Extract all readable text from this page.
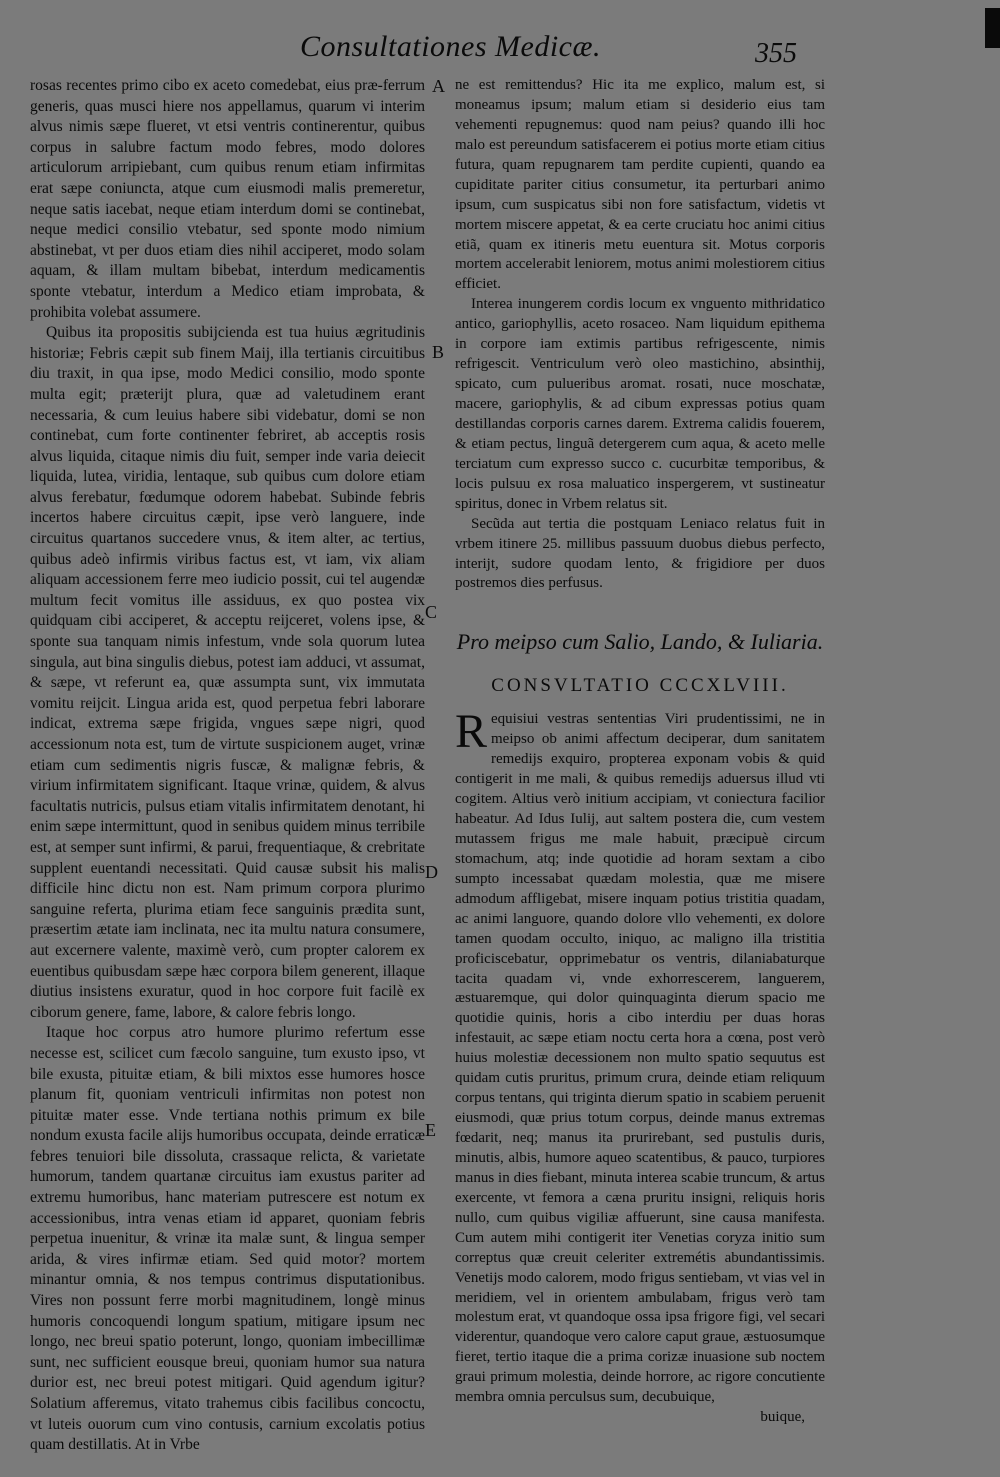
Consultationes Medicæ.	355
A
B
C
D
E

rosas recentes primo cibo ex aceto comedebat, eius præ-ferrum generis, quas musci hiere nos appellamus, quarum vi interim alvus nimis sæpe flueret, vt etsi ventris continerentur, quibus corpus in salubre factum modo febres, modo dolores articulorum arripiebant, cum quibus renum etiam infirmitas erat sæpe coniuncta, atque cum eiusmodi malis premeretur, neque satis iacebat, neque etiam interdum domi se continebat, neque medici consilio vtebatur, sed sponte modo nimium abstinebat, vt per duos etiam dies nihil acciperet, modo solam aquam, & illam multam bibebat, interdum medicamentis sponte vtebatur, interdum a Medico etiam improbata, & prohibita volebat assumere.

Quibus ita propositis subijcienda est tua huius ægritudinis historiæ; Febris cæpit sub finem Maij, illa tertianis circuitibus diu traxit, in qua ipse, modo Medici consilio, modo sponte multa egit; præterijt plura, quæ ad valetudinem erant necessaria, & cum leuius habere sibi videbatur, domi se non continebat, cum forte continenter febriret, ab acceptis rosis alvus liquida, citaque nimis diu fuit, semper inde varia deiecit liquida, lutea, viridia, lentaque, sub quibus cum dolore etiam alvus ferebatur, fœdumque odorem habebat. Subinde febris incertos habere circuitus cæpit, ipse verò languere, inde circuitus quartanos succedere vnus, & item alter, ac tertius, quibus adeò infirmis viribus factus est, vt iam, vix aliam aliquam accessionem ferre meo iudicio possit, cui tel augendæ multum fecit vomitus ille assiduus, ex quo postea vix quidquam cibi acciperet, & acceptu reijceret, volens ipse, & sponte sua tanquam nimis infestum, vnde sola quorum lutea singula, aut bina singulis diebus, potest iam adduci, vt assumat, & sæpe, vt referunt ea, quæ assumpta sunt, vix immutata vomitu reijcit. Lingua arida est, quod perpetua febri laborare indicat, extrema sæpe frigida, vngues sæpe nigri, quod accessionum nota est, tum de virtute suspicionem auget, vrinæ etiam cum sedimentis nigris fuscæ, & malignæ febris, & virium infirmitatem significant. Itaque vrinæ, quidem, & alvus facultatis nutricis, pulsus etiam vitalis infirmitatem denotant, hi enim sæpe intermittunt, quod in senibus quidem minus terribile est, at semper sunt infirmi, & parui, frequentiaque, & crebritate supplent euentandi necessitati. Quid causæ subsit his malis difficile hinc dictu non est. Nam primum corpora plurimo sanguine referta, plurima etiam fece sanguinis prædita sunt, præsertim ætate iam inclinata, nec ita multu natura consumere, aut excernere valente, maximè verò, cum propter calorem ex euentibus quibusdam sæpe hæc corpora bilem generent, illaque diutius insistens exuratur, quod in hoc corpore fuit facilè ex ciborum genere, fame, labore, & calore febris longo.

Itaque hoc corpus atro humore plurimo refertum esse necesse est, scilicet cum fæcolo sanguine, tum exusto ipso, vt bile exusta, pituitæ etiam, & bili mixtos esse humores hosce planum fit, quoniam ventriculi infirmitas non potest non pituitæ mater esse. Vnde tertiana nothis primum ex bile nondum exusta facile alijs humoribus occupata, deinde erraticæ febres tenuiori bile dissoluta, crassaque relicta, & varietate humorum, tandem quartanæ circuitus iam exustus pariter ad extremu humoribus, hanc materiam putrescere est notum ex accessionibus, intra venas etiam id apparet, quoniam febris perpetua inuenitur, & vrinæ ita malæ sunt, & lingua semper arida, & vires infirmæ etiam. Sed quid motor? mortem minantur omnia, & nos tempus contrimus disputationibus. Vires non possunt ferre morbi magnitudinem, longè minus humoris concoquendi longum spatium, mitigare ipsum nec longo, nec breui spatio poterunt, longo, quoniam imbecillimæ sunt, nec sufficient eousque breui, quoniam humor sua natura durior est, nec breui potest mitigari. Quid agendum igitur? Solatium afferemus, vitato trahemus cibis facilibus concoctu, vt luteis ouorum cum vino contusis, carnium excolatis potius quam destillatis. At in Vrbe

ne est remittendus? Hic ita me explico, malum est, si moneamus ipsum; malum etiam si desiderio eius tam vehementi repugnemus: quod nam peius? quando illi hoc malo est pereundum satisfacerem ei potius morte etiam citius futura, quam repugnarem tam perdite cupienti, quando ea cupiditate pariter citius consumetur, ita perturbari animo ipsum, cum suspicatus sibi non fore satisfactum, videtis vt mortem miscere appetat, & ea certe cruciatu hoc animi citius etiã, quam ex itineris metu euentura sit. Motus corporis mortem accelerabit leniorem, motus animi molestiorem citius efficiet.

Interea inungerem cordis locum ex vnguento mithridatico antico, gariophyllis, aceto rosaceo. Nam liquidum epithema in corpore iam extimis partibus refrigescente, nimis refrigescit. Ventriculum verò oleo mastichino, absinthij, spicato, cum pulueribus aromat. rosati, nuce moschatæ, macere, gariophylis, & ad cibum expressas potius quam destillandas corporis carnes darem. Extrema calidis fouerem, & etiam pectus, linguã detergerem cum aqua, & aceto melle terciatum cum expresso succo c. cucurbitæ temporibus, & locis pulsuu ex rosa maluatico inspergerem, vt sustineatur spiritus, donec in Vrbem relatus sit.

Secũda aut tertia die postquam Leniaco relatus fuit in vrbem itinere 25. millibus passuum duobus diebus perfecto, interijt, sudore quodam lento, & frigidiore per duos postremos dies perfusus.

Pro meipso cum Salio, Lando, & Iuliaria.
CONSVLTATIO CCCXLVIII.

Requisiui vestras sententias Viri prudentissimi, ne in meipso ob animi affectum deciperar, dum sanitatem remedijs exquiro, propterea exponam vobis & quid contigerit in me mali, & quibus remedijs aduersus illud vti cogitem. Altius verò initium accipiam, vt coniectura facilior habeatur. Ad Idus Iulij, aut saltem postera die, cum vestem mutassem frigus me male habuit, præcipuè circum stomachum, atq; inde quotidie ad horam sextam a cibo sumpto incessabat quædam molestia, quæ me misere admodum affligebat, misere inquam potius tristitia quadam, ac animi languore, quando dolore vllo vehementi, ex dolore tamen quodam occulto, iniquo, ac maligno illa tristitia proficiscebatur, opprimebatur os ventris, dilaniabaturque tacita quadam vi, vnde exhorrescerem, languerem, æstuaremque, qui dolor quinquaginta dierum spacio me quotidie quinis, horis a cibo interdiu per duas horas infestauit, ac sæpe etiam noctu certa hora a cœna, post verò huius molestiæ decessionem non multo spatio sequutus est quidam cutis pruritus, primum crura, deinde etiam reliquum corpus tentans, qui triginta dierum spatio in scabiem peruenit eiusmodi, quæ prius totum corpus, deinde manus extremas fœdarit, neq; manus ita prurirebant, sed pustulis duris, minutis, albis, humore aqueo scatentibus, & pauco, turpiores manus in dies fiebant, minuta interea scabie truncum, & artus exercente, vt femora a cæna pruritu insigni, reliquis horis nullo, cum quibus vigiliæ affuerunt, sine causa manifesta. Cum autem mihi contigerit iter Venetias coryza initio sum correptus quæ creuit celeriter extremétis abundantissimis. Venetijs modo calorem, modo frigus sentiebam, vt vias vel in meridiem, vel in orientem ambulabam, frigus verò tam molestum erat, vt quandoque ossa ipsa frigore figi, vel secari viderentur, quandoque vero calore caput graue, æstuosumque fieret, tertio itaque die a prima corizæ inuasione sub noctem graui primum molestia, deinde horrore, ac rigore concutiente membra omnia perculsus sum, decubuique,

buique,
